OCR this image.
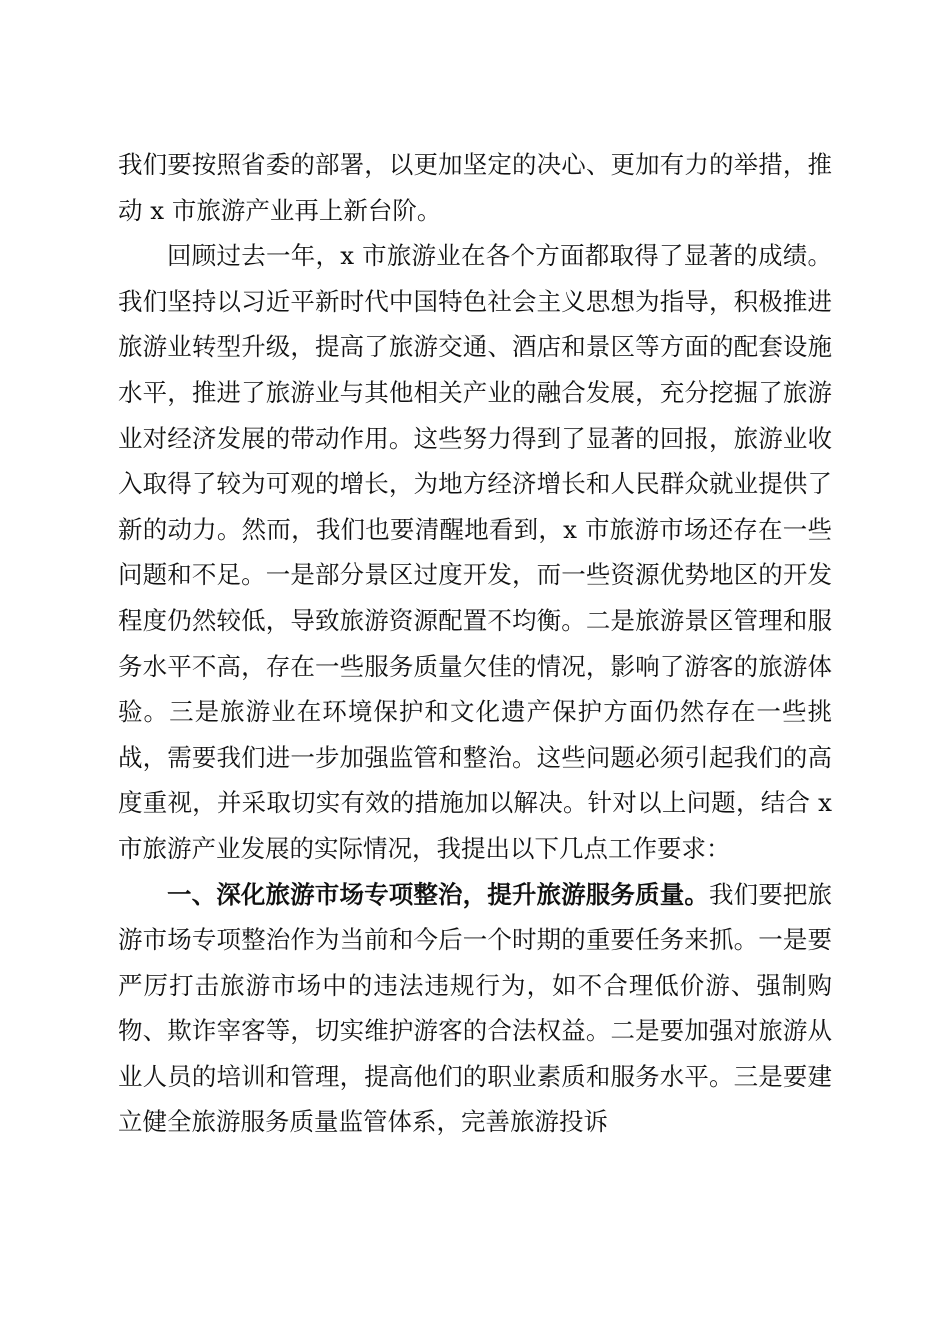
我们要按照省委的部署，以更加坚定的决心、更加有力的举措，推动 x 市旅游产业再上新台阶。

回顾过去一年，x 市旅游业在各个方面都取得了显著的成绩。我们坚持以习近平新时代中国特色社会主义思想为指导，积极推进旅游业转型升级，提高了旅游交通、酒店和景区等方面的配套设施水平，推进了旅游业与其他相关产业的融合发展，充分挖掘了旅游业对经济发展的带动作用。这些努力得到了显著的回报，旅游业收入取得了较为可观的增长，为地方经济增长和人民群众就业提供了新的动力。然而，我们也要清醒地看到，x 市旅游市场还存在一些问题和不足。一是部分景区过度开发，而一些资源优势地区的开发程度仍然较低，导致旅游资源配置不均衡。二是旅游景区管理和服务水平不高，存在一些服务质量欠佳的情况，影响了游客的旅游体验。三是旅游业在环境保护和文化遗产保护方面仍然存在一些挑战，需要我们进一步加强监管和整治。这些问题必须引起我们的高度重视，并采取切实有效的措施加以解决。针对以上问题，结合 x 市旅游产业发展的实际情况，我提出以下几点工作要求：

一、深化旅游市场专项整治，提升旅游服务质量。我们要把旅游市场专项整治作为当前和今后一个时期的重要任务来抓。一是要严厉打击旅游市场中的违法违规行为，如不合理低价游、强制购物、欺诈宰客等，切实维护游客的合法权益。二是要加强对旅游从业人员的培训和管理，提高他们的职业素质和服务水平。三是要建立健全旅游服务质量监管体系，完善旅游投诉
